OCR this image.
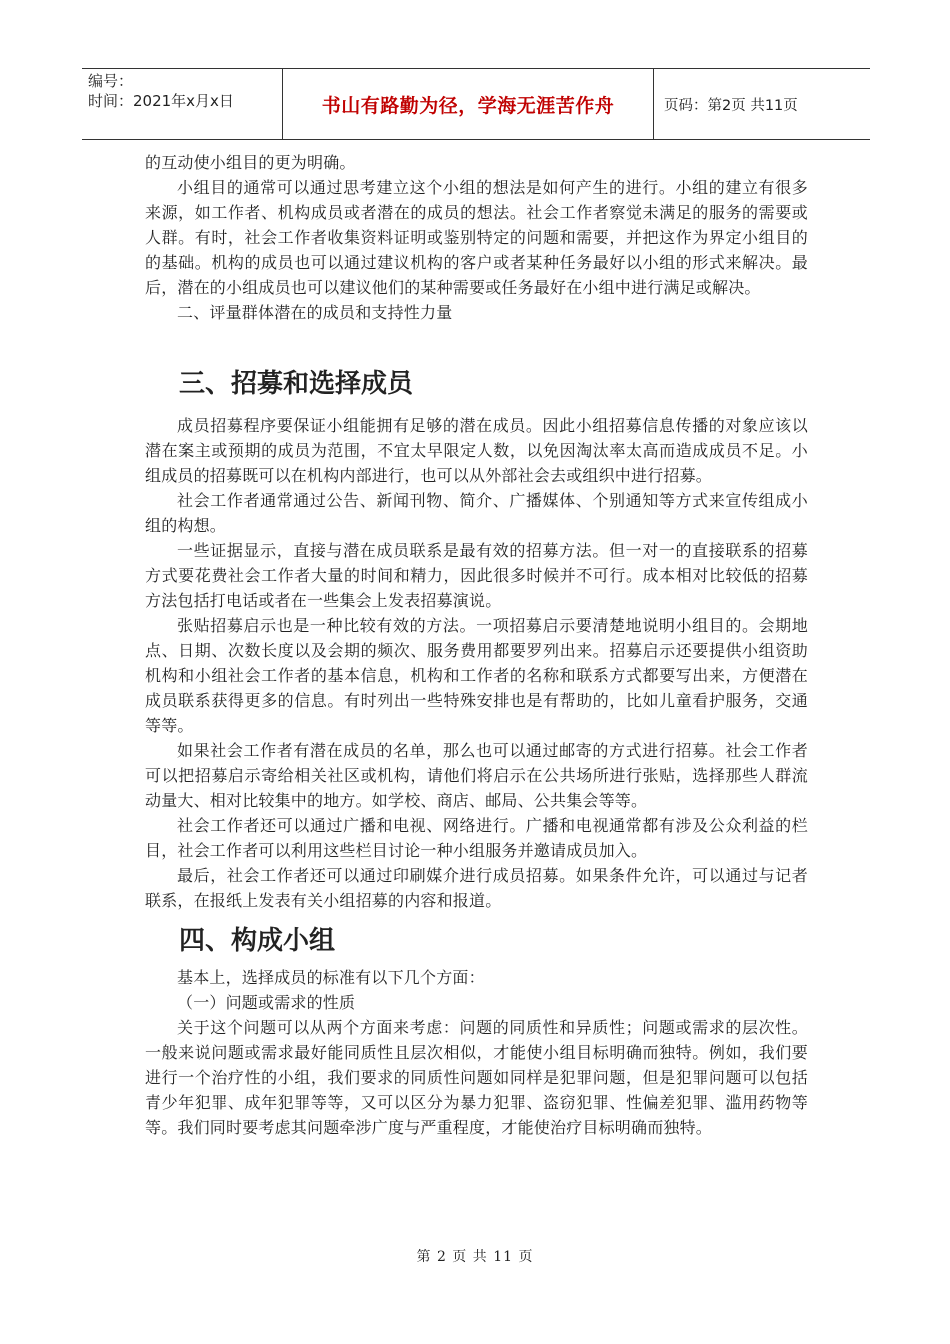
编号：
时间：2021年x月x日	书山有路勤为径，学海无涯苦作舟	页码：第2页 共11页

的互动使小组目的更为明确。

小组目的通常可以通过思考建立这个小组的想法是如何产生的进行。小组的建立有很多来源，如工作者、机构成员或者潜在的成员的想法。社会工作者察觉未满足的服务的需要或人群。有时，社会工作者收集资料证明或鉴别特定的问题和需要，并把这作为界定小组目的的基础。机构的成员也可以通过建议机构的客户或者某种任务最好以小组的形式来解决。最后，潜在的小组成员也可以建议他们的某种需要或任务最好在小组中进行满足或解决。

二、评量群体潜在的成员和支持性力量

三、招募和选择成员

成员招募程序要保证小组能拥有足够的潜在成员。因此小组招募信息传播的对象应该以潜在案主或预期的成员为范围，不宜太早限定人数，以免因淘汰率太高而造成成员不足。小组成员的招募既可以在机构内部进行，也可以从外部社会去或组织中进行招募。

社会工作者通常通过公告、新闻刊物、简介、广播媒体、个别通知等方式来宣传组成小组的构想。

一些证据显示，直接与潜在成员联系是最有效的招募方法。但一对一的直接联系的招募方式要花费社会工作者大量的时间和精力，因此很多时候并不可行。成本相对比较低的招募方法包括打电话或者在一些集会上发表招募演说。

张贴招募启示也是一种比较有效的方法。一项招募启示要清楚地说明小组目的。会期地点、日期、次数长度以及会期的频次、服务费用都要罗列出来。招募启示还要提供小组资助机构和小组社会工作者的基本信息，机构和工作者的名称和联系方式都要写出来，方便潜在成员联系获得更多的信息。有时列出一些特殊安排也是有帮助的，比如儿童看护服务，交通等等。

如果社会工作者有潜在成员的名单，那么也可以通过邮寄的方式进行招募。社会工作者可以把招募启示寄给相关社区或机构，请他们将启示在公共场所进行张贴，选择那些人群流动量大、相对比较集中的地方。如学校、商店、邮局、公共集会等等。

社会工作者还可以通过广播和电视、网络进行。广播和电视通常都有涉及公众利益的栏目，社会工作者可以利用这些栏目讨论一种小组服务并邀请成员加入。

最后，社会工作者还可以通过印刷媒介进行成员招募。如果条件允许，可以通过与记者联系，在报纸上发表有关小组招募的内容和报道。

四、构成小组

基本上，选择成员的标准有以下几个方面：

（一）问题或需求的性质

关于这个问题可以从两个方面来考虑：问题的同质性和异质性；问题或需求的层次性。一般来说问题或需求最好能同质性且层次相似，才能使小组目标明确而独特。例如，我们要进行一个治疗性的小组，我们要求的同质性问题如同样是犯罪问题，但是犯罪问题可以包括青少年犯罪、成年犯罪等等，又可以区分为暴力犯罪、盗窃犯罪、性偏差犯罪、滥用药物等等。我们同时要考虑其问题牵涉广度与严重程度，才能使治疗目标明确而独特。

第 2 页 共 11 页
